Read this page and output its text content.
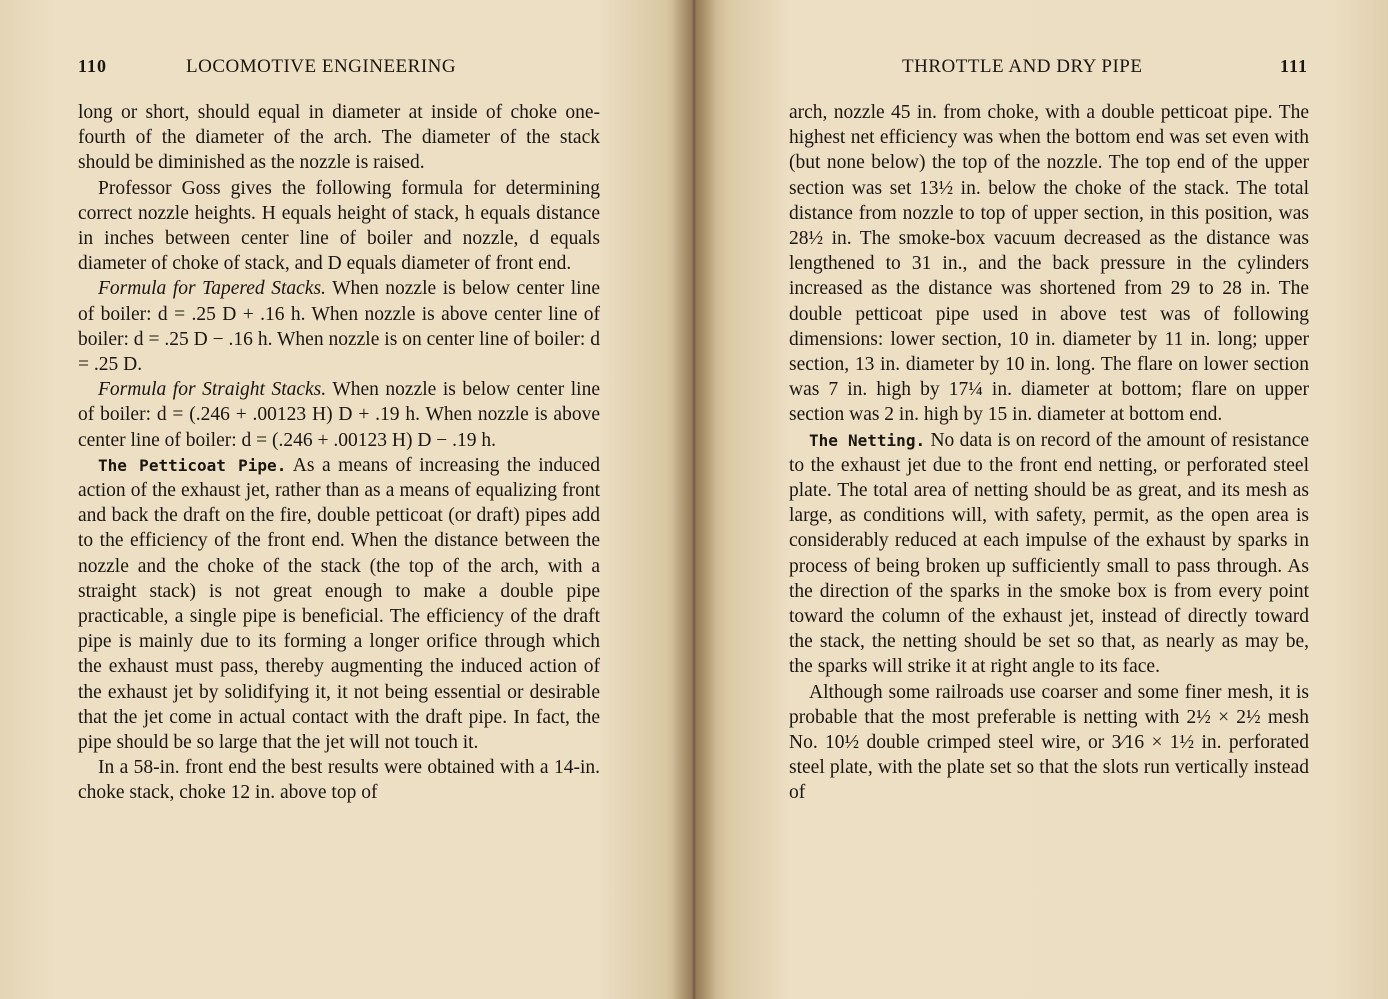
110	LOCOMOTIVE ENGINEERING

long or short, should equal in diameter at inside of choke one-fourth of the diameter of the arch. The diameter of the stack should be diminished as the nozzle is raised.

Professor Goss gives the following formula for determining correct nozzle heights. H equals height of stack, h equals distance in inches between center line of boiler and nozzle, d equals diameter of choke of stack, and D equals diameter of front end.

Formula for Tapered Stacks. When nozzle is below center line of boiler: d = .25 D + .16 h. When nozzle is above center line of boiler: d = .25 D − .16 h. When nozzle is on center line of boiler: d = .25 D.

Formula for Straight Stacks. When nozzle is below center line of boiler: d = (.246 + .00123 H) D + .19 h. When nozzle is above center line of boiler: d = (.246 + .00123 H) D − .19 h.

The Petticoat Pipe. As a means of increasing the induced action of the exhaust jet, rather than as a means of equalizing front and back the draft on the fire, double petticoat (or draft) pipes add to the efficiency of the front end. When the distance between the nozzle and the choke of the stack (the top of the arch, with a straight stack) is not great enough to make a double pipe practicable, a single pipe is beneficial. The efficiency of the draft pipe is mainly due to its forming a longer orifice through which the exhaust must pass, thereby augmenting the induced action of the exhaust jet by solidifying it, it not being essential or desirable that the jet come in actual contact with the draft pipe. In fact, the pipe should be so large that the jet will not touch it.

In a 58-in. front end the best results were obtained with a 14-in. choke stack, choke 12 in. above top of

THROTTLE AND DRY PIPE	111

arch, nozzle 45 in. from choke, with a double petticoat pipe. The highest net efficiency was when the bottom end was set even with (but none below) the top of the nozzle. The top end of the upper section was set 13½ in. below the choke of the stack. The total distance from nozzle to top of upper section, in this position, was 28½ in. The smoke-box vacuum decreased as the distance was lengthened to 31 in., and the back pressure in the cylinders increased as the distance was shortened from 29 to 28 in. The double petticoat pipe used in above test was of following dimensions: lower section, 10 in. diameter by 11 in. long; upper section, 13 in. diameter by 10 in. long. The flare on lower section was 7 in. high by 17¼ in. diameter at bottom; flare on upper section was 2 in. high by 15 in. diameter at bottom end.

The Netting. No data is on record of the amount of resistance to the exhaust jet due to the front end netting, or perforated steel plate. The total area of netting should be as great, and its mesh as large, as conditions will, with safety, permit, as the open area is considerably reduced at each impulse of the exhaust by sparks in process of being broken up sufficiently small to pass through. As the direction of the sparks in the smoke box is from every point toward the column of the exhaust jet, instead of directly toward the stack, the netting should be set so that, as nearly as may be, the sparks will strike it at right angle to its face.

Although some railroads use coarser and some finer mesh, it is probable that the most preferable is netting with 2½ × 2½ mesh No. 10½ double crimped steel wire, or 3⁄16 × 1½ in. perforated steel plate, with the plate set so that the slots run vertically instead of
